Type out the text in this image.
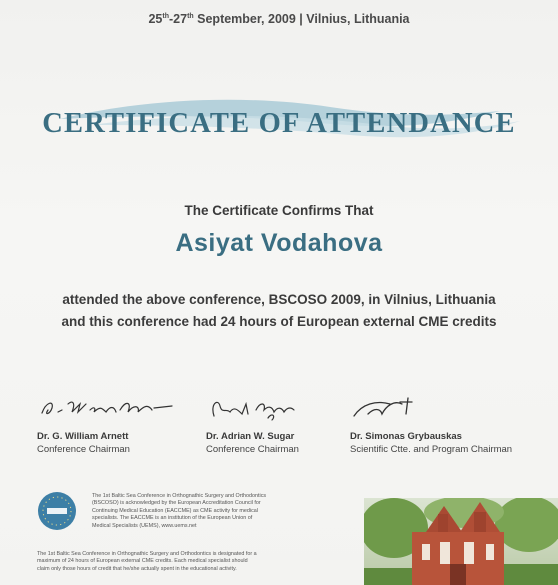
25th-27th September, 2009 | Vilnius, Lithuania
CERTIFICATE OF ATTENDANCE
The Certificate Confirms That
Asiyat Vodahova
attended the above conference, BSCOSO 2009, in Vilnius, Lithuania
and this conference had 24 hours of European external CME credits
Dr. G. William Arnett
Conference Chairman
Dr. Adrian W. Sugar
Conference Chairman
Dr. Simonas Grybauskas
Scientific Ctte. and Program Chairman
The 1st Baltic Sea Conference in Orthognathic Surgery and Orthodontics
(BSCOSO) is acknowledged by the European Accreditation Council for
Continuing Medical Education (EACCME) as CME activity for medical
specialists. The EACCME is an institution of the European Union of
Medical Specialists (UEMS), www.uems.net
The 1st Baltic Sea Conference in Orthognathic Surgery and Orthodontics is designated for a
maximum of 24 hours of European external CME credits. Each medical specialist should
claim only those hours of credit that he/she actually spent in the educational activity.
